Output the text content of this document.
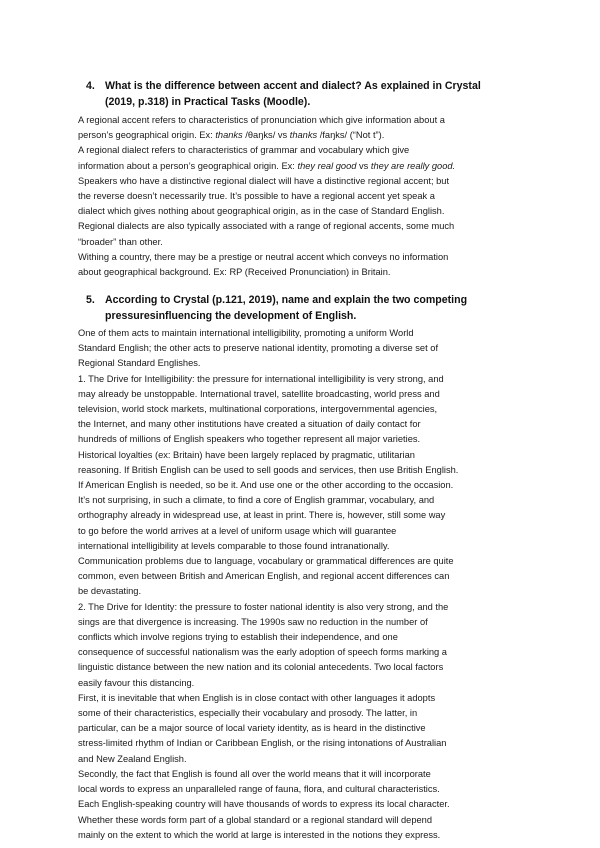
4. What is the difference between accent and dialect? As explained in Crystal
(2019, p.318) in Practical Tasks (Moodle).

A regional accent refers to characteristics of pronunciation which give information about a

person’s geographical origin. Ex: thanks /θaŋks/ vs thanks /faŋks/ (“Not t”).

A regional dialect refers to characteristics of grammar and vocabulary which give

information about a person’s geographical origin. Ex: they real good vs they are really good.

Speakers who have a distinctive regional dialect will have a distinctive regional accent; but

the reverse doesn’t necessarily true. It’s possible to have a regional accent yet speak a

dialect which gives nothing about geographical origin, as in the case of Standard English.

Regional dialects are also typically associated with a range of regional accents, some much

“broader” than other.

Withing a country, there may be a prestige or neutral accent which conveys no information

about geographical background. Ex: RP (Received Pronunciation) in Britain.

5. According to Crystal (p.121, 2019), name and explain the two competing
pressuresinfluencing the development of English.

One of them acts to maintain international intelligibility, promoting a uniform World

Standard English; the other acts to preserve national identity, promoting a diverse set of

Regional Standard Englishes.

1. The Drive for Intelligibility: the pressure for international intelligibility is very strong, and

may already be unstoppable. International travel, satellite broadcasting, world press and

television, world stock markets, multinational corporations, intergovernmental agencies,

the Internet, and many other institutions have created a situation of daily contact for

hundreds of millions of English speakers who together represent all major varieties.

Historical loyalties (ex: Britain) have been largely replaced by pragmatic, utilitarian

reasoning. If British English can be used to sell goods and services, then use British English.

If American English is needed, so be it. And use one or the other according to the occasion.

It’s not surprising, in such a climate, to find a core of English grammar, vocabulary, and

orthography already in widespread use, at least in print. There is, however, still some way

to go before the world arrives at a level of uniform usage which will guarantee

international intelligibility at levels comparable to those found intranationally.

Communication problems due to language, vocabulary or grammatical differences are quite

common, even between British and American English, and regional accent differences can

be devastating.

2. The Drive for Identity: the pressure to foster national identity is also very strong, and the

sings are that divergence is increasing. The 1990s saw no reduction in the number of

conflicts which involve regions trying to establish their independence, and one

consequence of successful nationalism was the early adoption of speech forms marking a

linguistic distance between the new nation and its colonial antecedents. Two local factors

easily favour this distancing.

First, it is inevitable that when English is in close contact with other languages it adopts

some of their characteristics, especially their vocabulary and prosody. The latter, in

particular, can be a major source of local variety identity, as is heard in the distinctive

stress-limited rhythm of Indian or Caribbean English, or the rising intonations of Australian

and New Zealand English.

Secondly, the fact that English is found all over the world means that it will incorporate

local words to express an unparalleled range of fauna, flora, and cultural characteristics.

Each English-speaking country will have thousands of words to express its local character.

Whether these words form part of a global standard or a regional standard will depend

mainly on the extent to which the world at large is interested in the notions they express.
